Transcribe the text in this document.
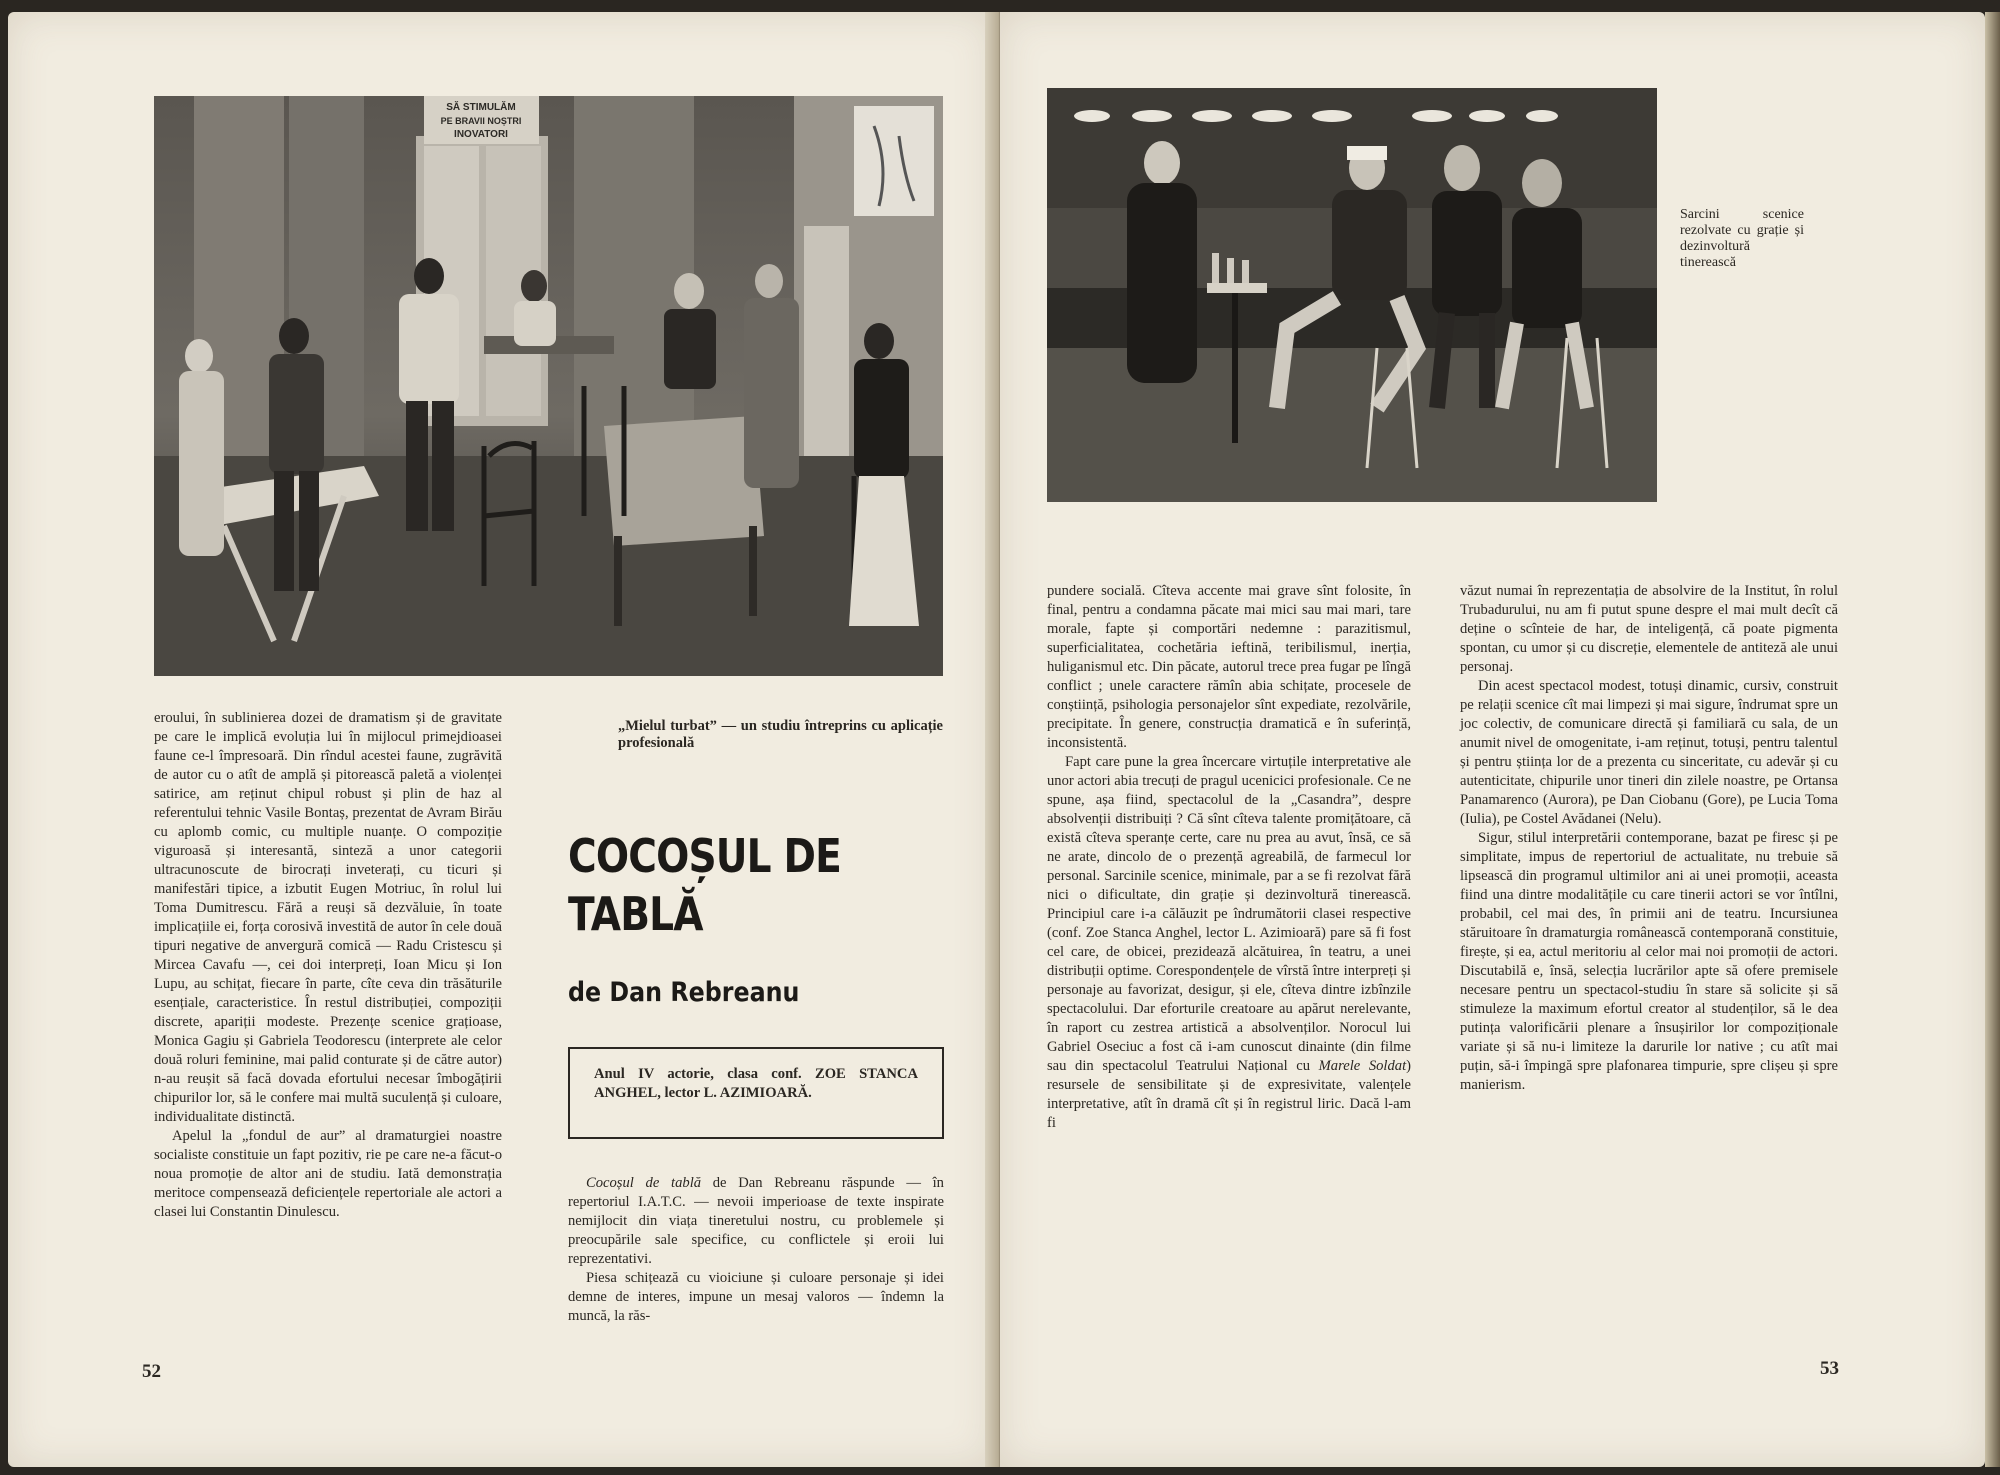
SĂ STIMULĂM
PE BRAVII NOȘTRI
INOVATORI

eroului, în sublinierea dozei de dramatism și de gravitate pe care le implică evoluția lui în mijlocul primejdioasei faune ce-l împresoară. Din rîndul acestei faune, zugrăvită de autor cu o atît de amplă și pitorească paletă a violenței satirice, am reținut chipul robust și plin de haz al referentului tehnic Vasile Bontaș, prezentat de Avram Birău cu aplomb comic, cu multiple nuanțe. O compoziție viguroasă și interesantă, sinteză a unor categorii ultracunoscute de birocrați inveterați, cu ticuri și manifestări tipice, a izbutit Eugen Motriuc, în rolul lui Toma Dumitrescu. Fără a reuși să dezvăluie, în toate implicațiile ei, forța corosivă investită de autor în cele două tipuri negative de anvergură comică — Radu Cristescu și Mircea Cavafu —, cei doi interpreți, Ioan Micu și Ion Lupu, au schițat, fiecare în parte, cîte ceva din trăsăturile esențiale, caracteristice. În restul distribuției, compoziții discrete, apariții modeste. Prezențe scenice grațioase, Monica Gagiu și Gabriela Teodorescu (interprete ale celor două roluri feminine, mai palid conturate și de către autor) n-au reușit să facă dovada efortului necesar îmbogățirii chipurilor lor, să le confere mai multă suculență și culoare, individualitate distinctă.

Apelul la „fondul de aur” al dramaturgiei noastre socialiste constituie un fapt pozitiv, rie pe care ne-a făcut-o noua promoție de altor ani de studiu. Iată demonstrația meritoce compensează deficiențele repertoriale ale actori a clasei lui Constantin Dinulescu.

„Mielul turbat” — un studiu întreprins cu aplicație profesională
COCOȘUL DE
TABLĂ
de Dan Rebreanu
Anul IV actorie, clasa conf. ZOE STANCA ANGHEL, lector L. AZIMIOARĂ.

Cocoșul de tablă de Dan Rebreanu răspunde — în repertoriul I.A.T.C. — nevoii imperioase de texte inspirate nemijlocit din viața tineretului nostru, cu problemele și preocupările sale specifice, cu conflictele și eroii lui reprezentativi.

Piesa schițează cu vioiciune și culoare personaje și idei demne de interes, impune un mesaj valoros — îndemn la muncă, la răs-

52
Sarcini scenice rezolvate cu grație și dezinvoltură tinerească

pundere socială. Cîteva accente mai grave sînt folosite, în final, pentru a condamna păcate mai mici sau mai mari, tare morale, fapte și comportări nedemne : parazitismul, superficialitatea, cochetăria ieftină, teribilismul, inerția, huliganismul etc. Din păcate, autorul trece prea fugar pe lîngă conflict ; unele caractere rămîn abia schițate, procesele de conștiință, psihologia personajelor sînt expediate, rezolvările, precipitate. În genere, construcția dramatică e în suferință, inconsistentă.

Fapt care pune la grea încercare virtuțile interpretative ale unor actori abia trecuți de pragul ucenicici profesionale. Ce ne spune, așa fiind, spectacolul de la „Casandra”, despre absolvenții distribuiți ? Că sînt cîteva talente promițătoare, că există cîteva speranțe certe, care nu prea au avut, însă, ce să ne arate, dincolo de o prezență agreabilă, de farmecul lor personal. Sarcinile scenice, minimale, par a se fi rezolvat fără nici o dificultate, din grație și dezinvoltură tinerească. Principiul care i-a călăuzit pe îndrumătorii clasei respective (conf. Zoe Stanca Anghel, lector L. Azimioară) pare să fi fost cel care, de obicei, prezidează alcătuirea, în teatru, a unei distribuții optime. Corespondențele de vîrstă între interpreți și personaje au favorizat, desigur, și ele, cîteva dintre izbînzile spectacolului. Dar eforturile creatoare au apărut nerelevante, în raport cu zestrea artistică a absolvenților. Norocul lui Gabriel Oseciuc a fost că i-am cunoscut dinainte (din filme sau din spectacolul Teatrului Național cu Marele Soldat) resursele de sensibilitate și de expresivitate, valențele interpretative, atît în dramă cît și în registrul liric. Dacă l-am fi

văzut numai în reprezentația de absolvire de la Institut, în rolul Trubadurului, nu am fi putut spune despre el mai mult decît că deține o scînteie de har, de inteligență, că poate pigmenta spontan, cu umor și cu discreție, elementele de antiteză ale unui personaj.

Din acest spectacol modest, totuși dinamic, cursiv, construit pe relații scenice cît mai limpezi și mai sigure, îndrumat spre un joc colectiv, de comunicare directă și familiară cu sala, de un anumit nivel de omogenitate, i-am reținut, totuși, pentru talentul și pentru știința lor de a prezenta cu sinceritate, cu adevăr și cu autenticitate, chipurile unor tineri din zilele noastre, pe Ortansa Panamarenco (Aurora), pe Dan Ciobanu (Gore), pe Lucia Toma (Iulia), pe Costel Avădanei (Nelu).

Sigur, stilul interpretării contemporane, bazat pe firesc și pe simplitate, impus de repertoriul de actualitate, nu trebuie să lipsească din programul ultimilor ani ai unei promoții, aceasta fiind una dintre modalitățile cu care tinerii actori se vor întîlni, probabil, cel mai des, în primii ani de teatru. Incursiunea stăruitoare în dramaturgia românească contemporană constituie, firește, și ea, actul meritoriu al celor mai noi promoții de actori. Discutabilă e, însă, selecția lucrărilor apte să ofere premisele necesare pentru un spectacol-studiu în stare să solicite și să stimuleze la maximum efortul creator al studenților, să le dea putința valorificării plenare a însușirilor lor compoziționale variate și să nu-i limiteze la darurile lor native ; cu atît mai puțin, să-i împingă spre plafonarea timpurie, spre clișeu și spre manierism.

53
